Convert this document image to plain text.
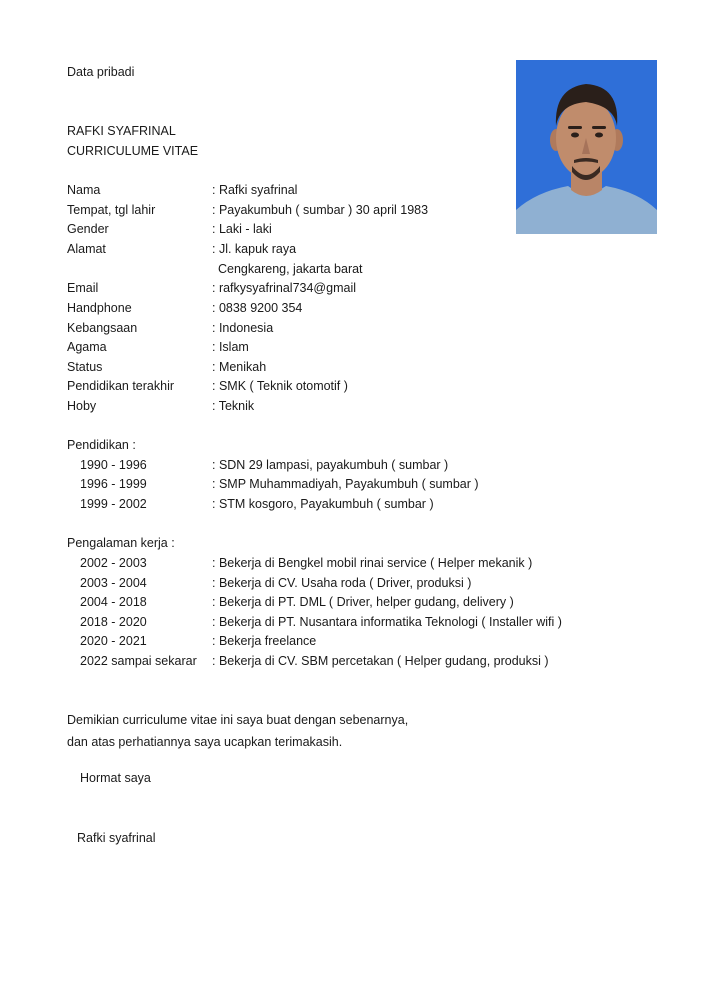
Data pribadi
RAFKI SYAFRINAL
CURRICULUME VITAE
Nama	: Rafki syafrinal
Tempat, tgl lahir	: Payakumbuh ( sumbar ) 30 april 1983
Gender	: Laki - laki
Alamat	: Jl. kapuk raya
Cengkareng, jakarta barat
Email	: rafkysyafrinal734@gmail
Handphone	: 0838 9200 354
Kebangsaan	: Indonesia
Agama	: Islam
Status	: Menikah
Pendidikan terakhir	: SMK ( Teknik otomotif )
Hoby	: Teknik
Pendidikan :
1990 - 1996	: SDN 29 lampasi, payakumbuh ( sumbar )
1996 - 1999	: SMP Muhammadiyah, Payakumbuh ( sumbar )
1999 - 2002	: STM kosgoro, Payakumbuh ( sumbar )
Pengalaman kerja :
2002 - 2003	: Bekerja di Bengkel mobil rinai service ( Helper mekanik )
2003 - 2004	: Bekerja di CV. Usaha roda ( Driver, produksi )
2004 - 2018	: Bekerja di PT. DML ( Driver, helper gudang, delivery )
2018 - 2020	: Bekerja di PT. Nusantara informatika Teknologi ( Installer wifi )
2020 - 2021	: Bekerja freelance
2022 sampai sekarar : Bekerja di CV. SBM percetakan ( Helper gudang, produksi )
Demikian curriculume vitae ini saya buat dengan sebenarnya,
dan atas perhatiannya saya ucapkan terimakasih.
Hormat saya
Rafki syafrinal
